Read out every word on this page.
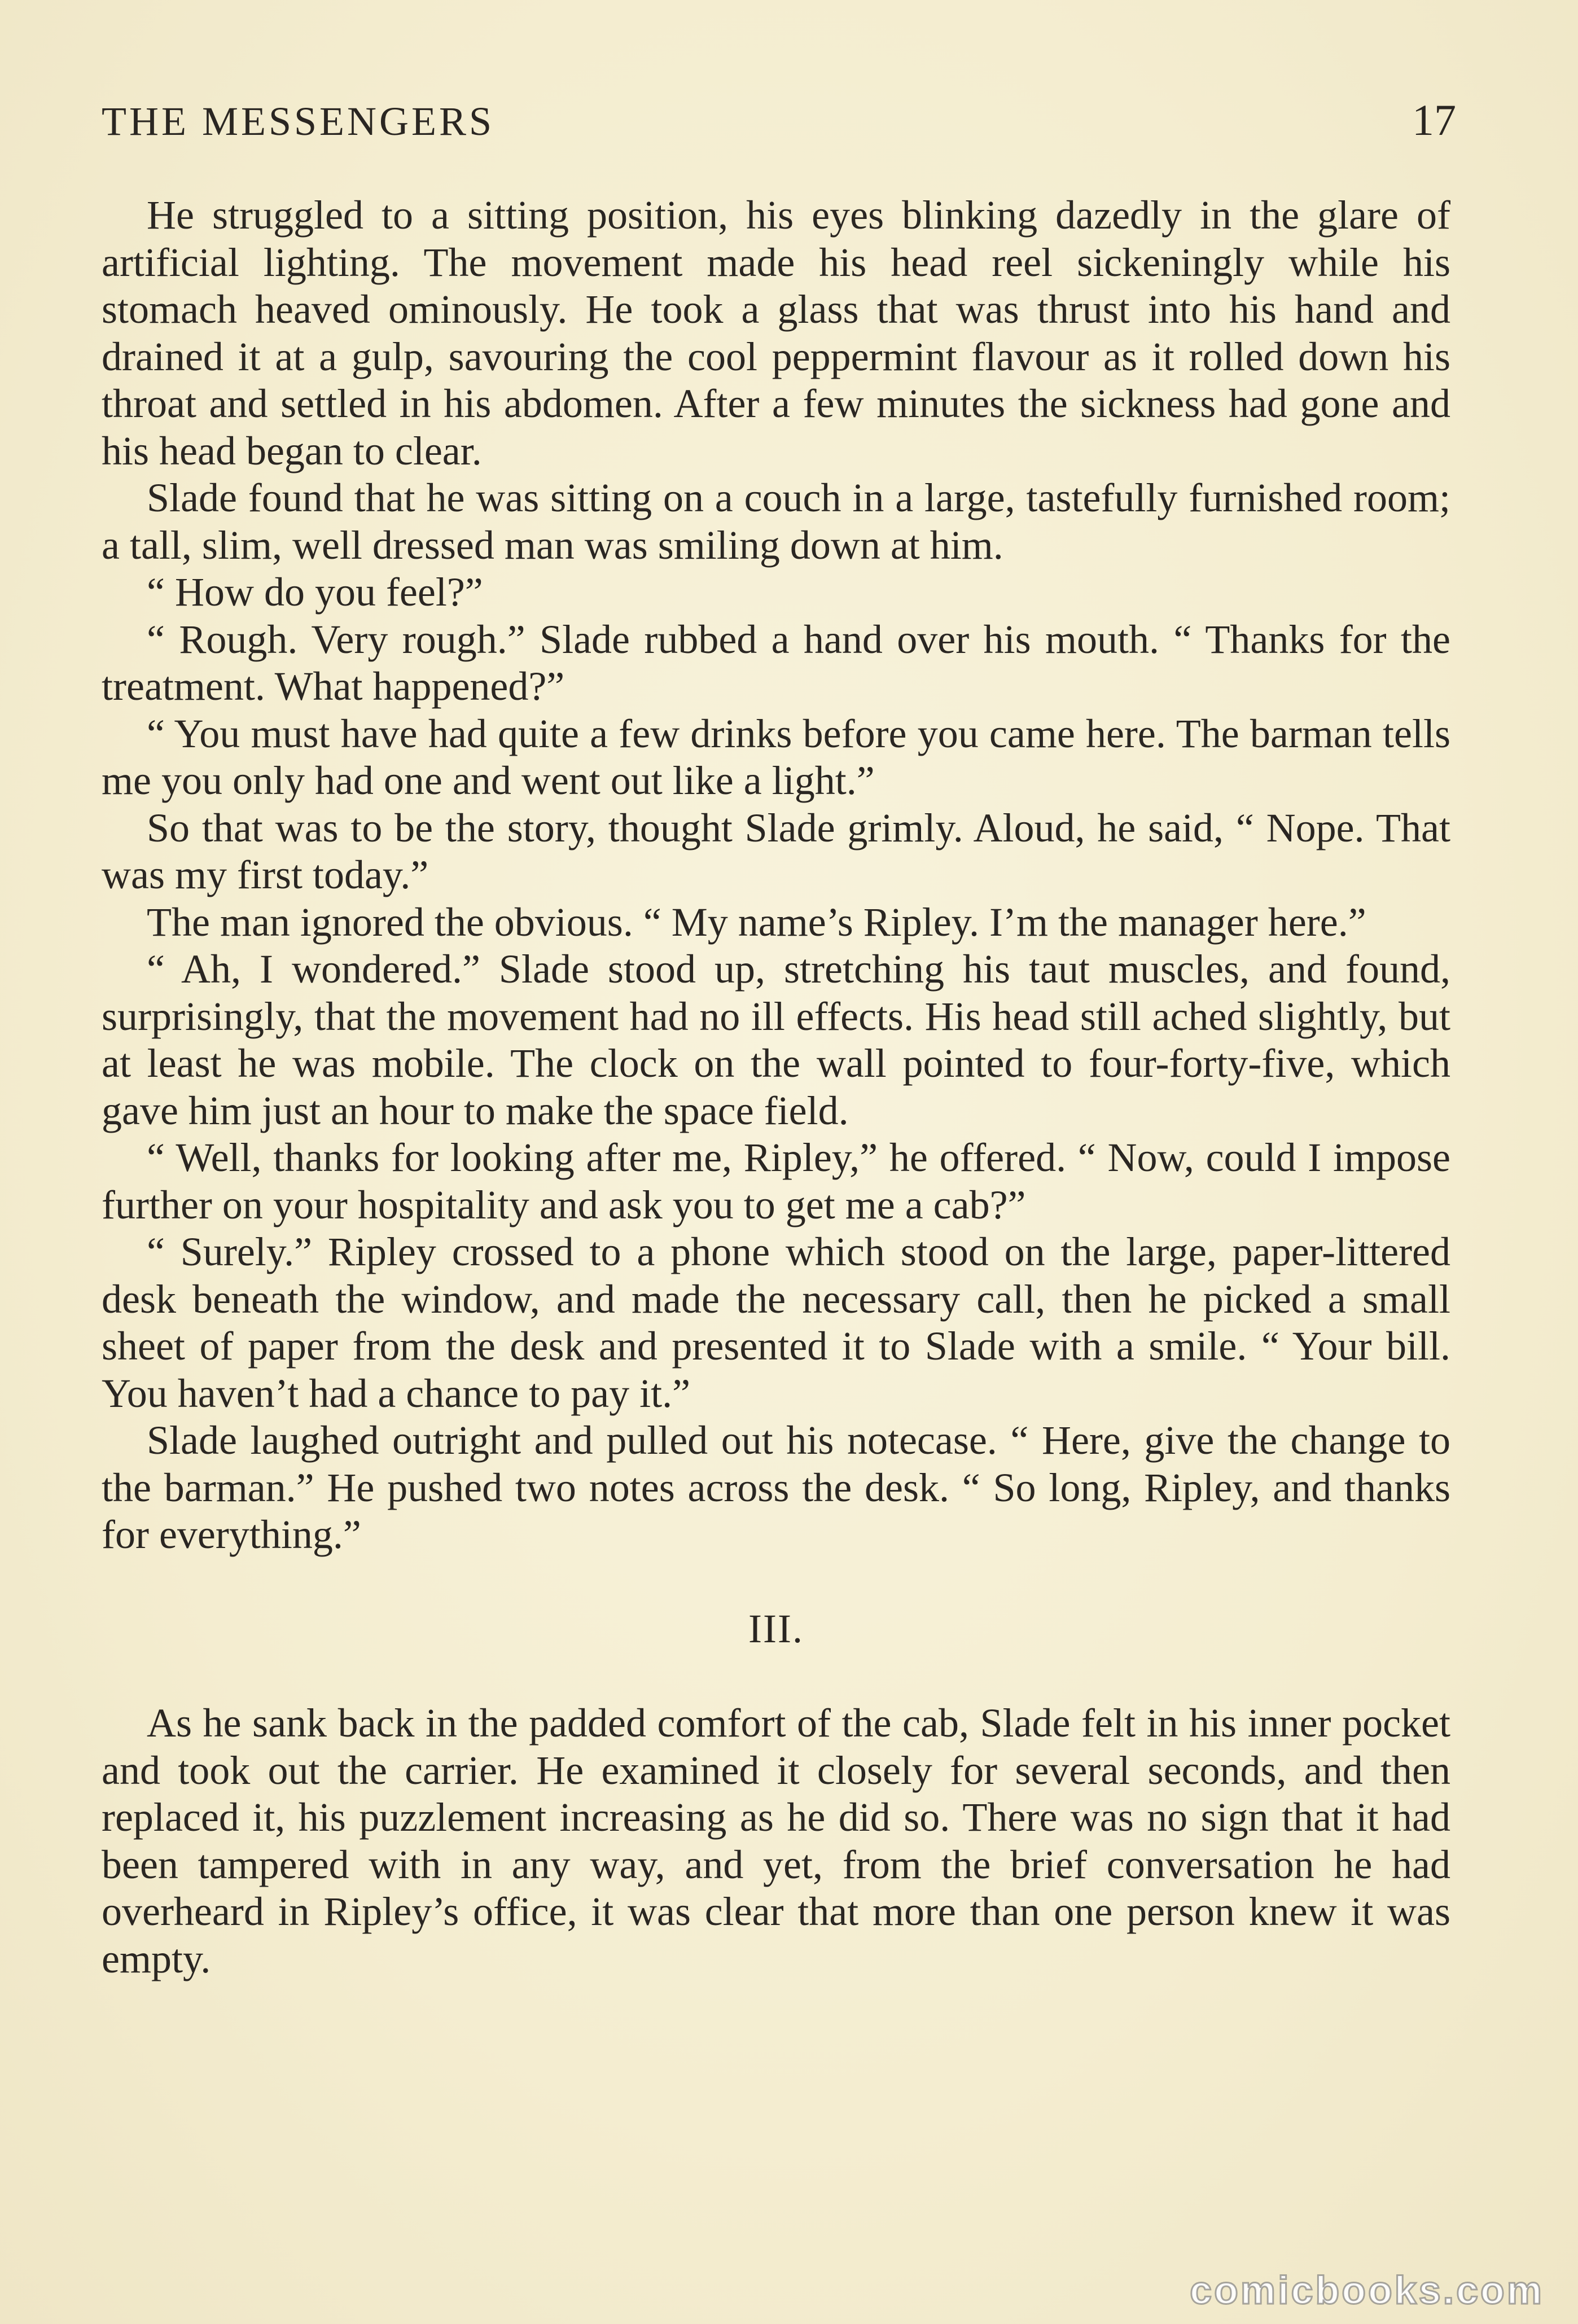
THE MESSENGERS	17

He struggled to a sitting position, his eyes blinking dazedly in the glare of artificial lighting. The movement made his head reel sickeningly while his stomach heaved ominously. He took a glass that was thrust into his hand and drained it at a gulp, savouring the cool peppermint flavour as it rolled down his throat and settled in his abdomen. After a few minutes the sickness had gone and his head began to clear.

Slade found that he was sitting on a couch in a large, tastefully furnished room; a tall, slim, well dressed man was smiling down at him.

“ How do you feel?”

“ Rough. Very rough.” Slade rubbed a hand over his mouth. “ Thanks for the treatment. What happened?”

“ You must have had quite a few drinks before you came here. The barman tells me you only had one and went out like a light.”

So that was to be the story, thought Slade grimly. Aloud, he said, “ Nope. That was my first today.”

The man ignored the obvious. “ My name’s Ripley. I’m the manager here.”

“ Ah, I wondered.” Slade stood up, stretching his taut muscles, and found, surprisingly, that the movement had no ill effects. His head still ached slightly, but at least he was mobile. The clock on the wall pointed to four-forty-five, which gave him just an hour to make the space field.

“ Well, thanks for looking after me, Ripley,” he offered. “ Now, could I impose further on your hospitality and ask you to get me a cab?”

“ Surely.” Ripley crossed to a phone which stood on the large, paper-littered desk beneath the window, and made the necessary call, then he picked a small sheet of paper from the desk and presented it to Slade with a smile. “ Your bill. You haven’t had a chance to pay it.”

Slade laughed outright and pulled out his notecase. “ Here, give the change to the barman.” He pushed two notes across the desk. “ So long, Ripley, and thanks for everything.”

III.

As he sank back in the padded comfort of the cab, Slade felt in his inner pocket and took out the carrier. He examined it closely for several seconds, and then replaced it, his puzzlement increasing as he did so. There was no sign that it had been tampered with in any way, and yet, from the brief conversation he had overheard in Ripley’s office, it was clear that more than one person knew it was empty.

comicbooks.com
